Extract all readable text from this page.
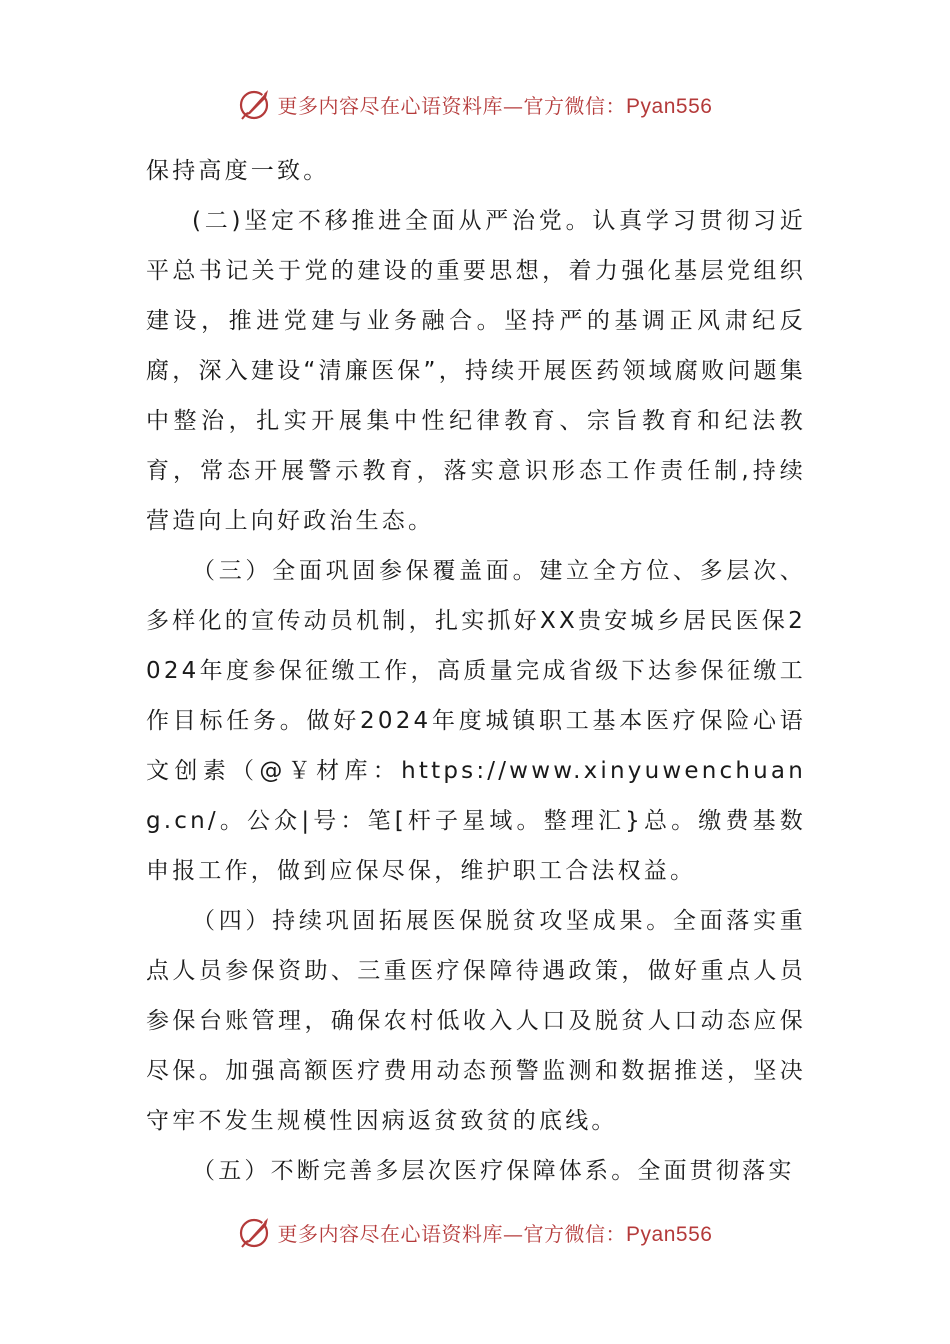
更多内容尽在心语资料库—官方微信：Pyan556

保持高度一致。

(二)坚定不移推进全面从严治党。认真学习贯彻习近平总书记关于党的建设的重要思想，着力强化基层党组织建设，推进党建与业务融合。坚持严的基调正风肃纪反腐，深入建设“清廉医保”，持续开展医药领域腐败问题集中整治，扎实开展集中性纪律教育、宗旨教育和纪法教育，常态开展警示教育，落实意识形态工作责任制,持续营造向上向好政治生态。

（三）全面巩固参保覆盖面。建立全方位、多层次、多样化的宣传动员机制，扎实抓好XX贵安城乡居民医保2024年度参保征缴工作，高质量完成省级下达参保征缴工作目标任务。做好2024年度城镇职工基本医疗保险心语文创素（@￥材库：https://www.xinyuwenchuang.cn/。公众|号：笔[杆子星域。整理汇}总。缴费基数申报工作，做到应保尽保，维护职工合法权益。

（四）持续巩固拓展医保脱贫攻坚成果。全面落实重点人员参保资助、三重医疗保障待遇政策，做好重点人员参保台账管理，确保农村低收入人口及脱贫人口动态应保尽保。加强高额医疗费用动态预警监测和数据推送，坚决守牢不发生规模性因病返贫致贫的底线。

（五）不断完善多层次医疗保障体系。全面贯彻落实

更多内容尽在心语资料库—官方微信：Pyan556
